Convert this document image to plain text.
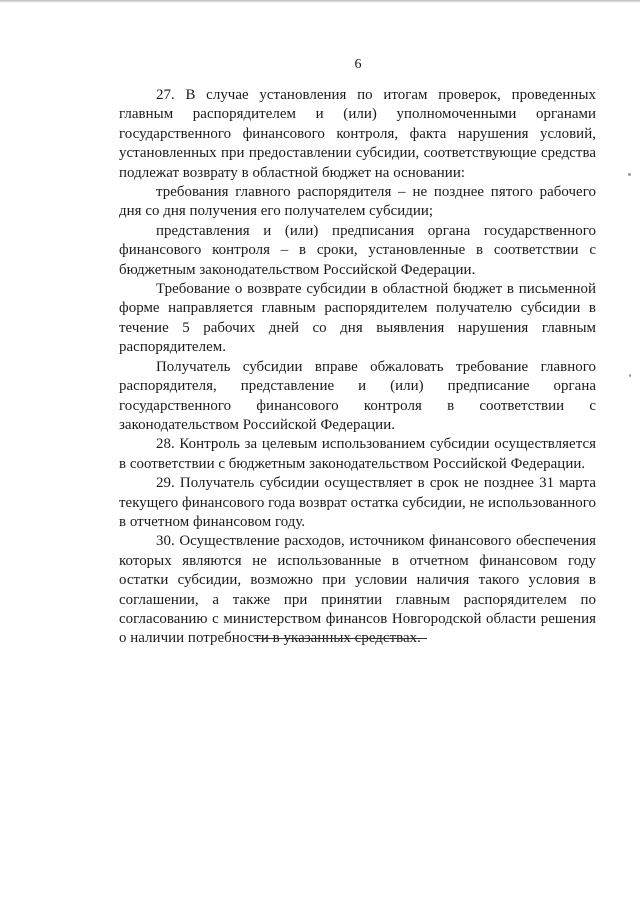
6

27. В случае установления по итогам проверок, проведенных главным распорядителем и (или) уполномоченными органами государственного финансового контроля, факта нарушения условий, установленных при предоставлении субсидии, соответствующие средства подлежат возврату в областной бюджет на основании:

требования главного распорядителя – не позднее пятого рабочего дня со дня получения его получателем субсидии;

представления и (или) предписания органа государственного финансового контроля – в сроки, установленные в соответствии с бюджетным законодательством Российской Федерации.

Требование о возврате субсидии в областной бюджет в письменной форме направляется главным распорядителем получателю субсидии в течение 5 рабочих дней со дня выявления нарушения главным распорядителем.

Получатель субсидии вправе обжаловать требование главного распорядителя, представление и (или) предписание органа государственного финансового контроля в соответствии с законодательством Российской Федерации.

28. Контроль за целевым использованием субсидии осуществляется в соответствии с бюджетным законодательством Российской Федерации.

29. Получатель субсидии осуществляет в срок не позднее 31 марта текущего финансового года возврат остатка субсидии, не использованного в отчетном финансовом году.

30. Осуществление расходов, источником финансового обеспечения которых являются не использованные в отчетном финансовом году остатки субсидии, возможно при условии наличия такого условия в соглашении, а также при принятии главным распорядителем по согласованию с министерством финансов Новгородской области решения о наличии потребности в указанных средствах.
